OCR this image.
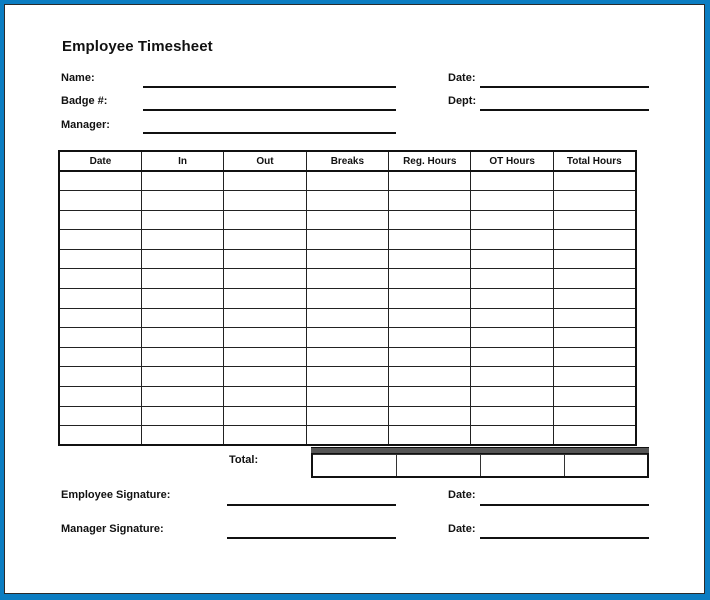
Employee Timesheet
Name:
Badge #:
Manager:
Date:
Dept:
Date	In	Out	Breaks	Reg. Hours	OT Hours	Total Hours

Total:

Employee Signature:
Manager Signature:
Date:
Date:
